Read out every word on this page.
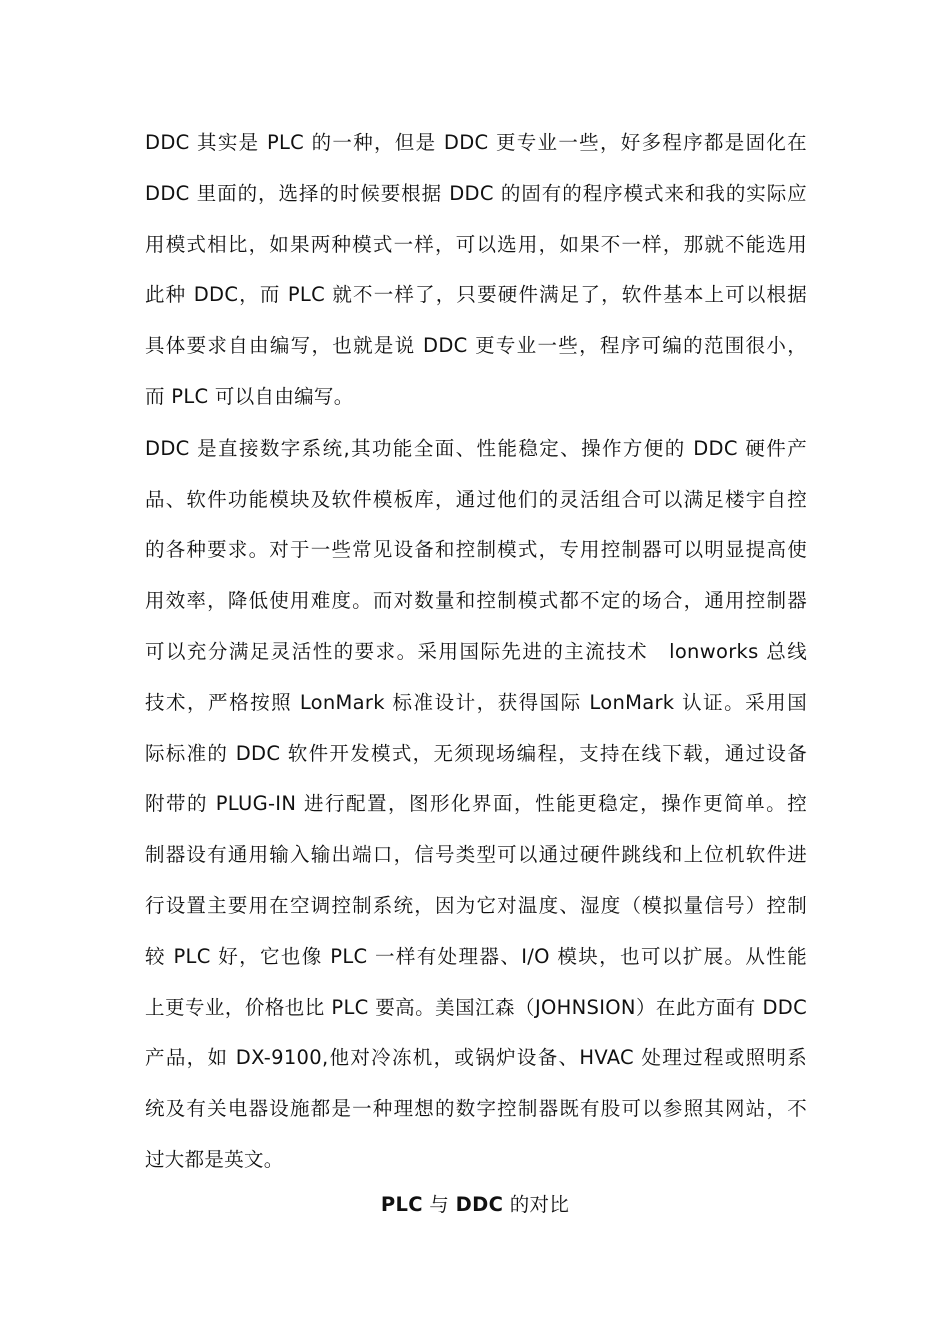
DDC 其实是 PLC 的一种，但是 DDC 更专业一些，好多程序都是固化在
DDC 里面的，选择的时候要根据 DDC 的固有的程序模式来和我的实际应
用模式相比，如果两种模式一样，可以选用，如果不一样，那就不能选用
此种 DDC，而 PLC 就不一样了，只要硬件满足了，软件基本上可以根据
具体要求自由编写，也就是说 DDC 更专业一些，程序可编的范围很小，
而 PLC 可以自由编写。
DDC 是直接数字系统,其功能全面、性能稳定、操作方便的 DDC 硬件产
品、软件功能模块及软件模板库，通过他们的灵活组合可以满足楼宇自控
的各种要求。对于一些常见设备和控制模式，专用控制器可以明显提高使
用效率，降低使用难度。而对数量和控制模式都不定的场合，通用控制器
可以充分满足灵活性的要求。采用国际先进的主流技术　lonworks 总线
技术，严格按照 LonMark 标准设计，获得国际 LonMark 认证。采用国
际标准的 DDC 软件开发模式，无须现场编程，支持在线下载，通过设备
附带的 PLUG-IN 进行配置，图形化界面，性能更稳定，操作更简单。控
制器设有通用输入输出端口，信号类型可以通过硬件跳线和上位机软件进
行设置主要用在空调控制系统，因为它对温度、湿度（模拟量信号）控制
较 PLC 好，它也像 PLC 一样有处理器、I/O 模块，也可以扩展。从性能
上更专业，价格也比 PLC 要高。美国江森（JOHNSION）在此方面有 DDC
产品，如 DX-9100,他对冷冻机，或锅炉设备、HVAC 处理过程或照明系
统及有关电器设施都是一种理想的数字控制器既有股可以参照其网站，不
过大都是英文。
PLC 与 DDC 的对比
